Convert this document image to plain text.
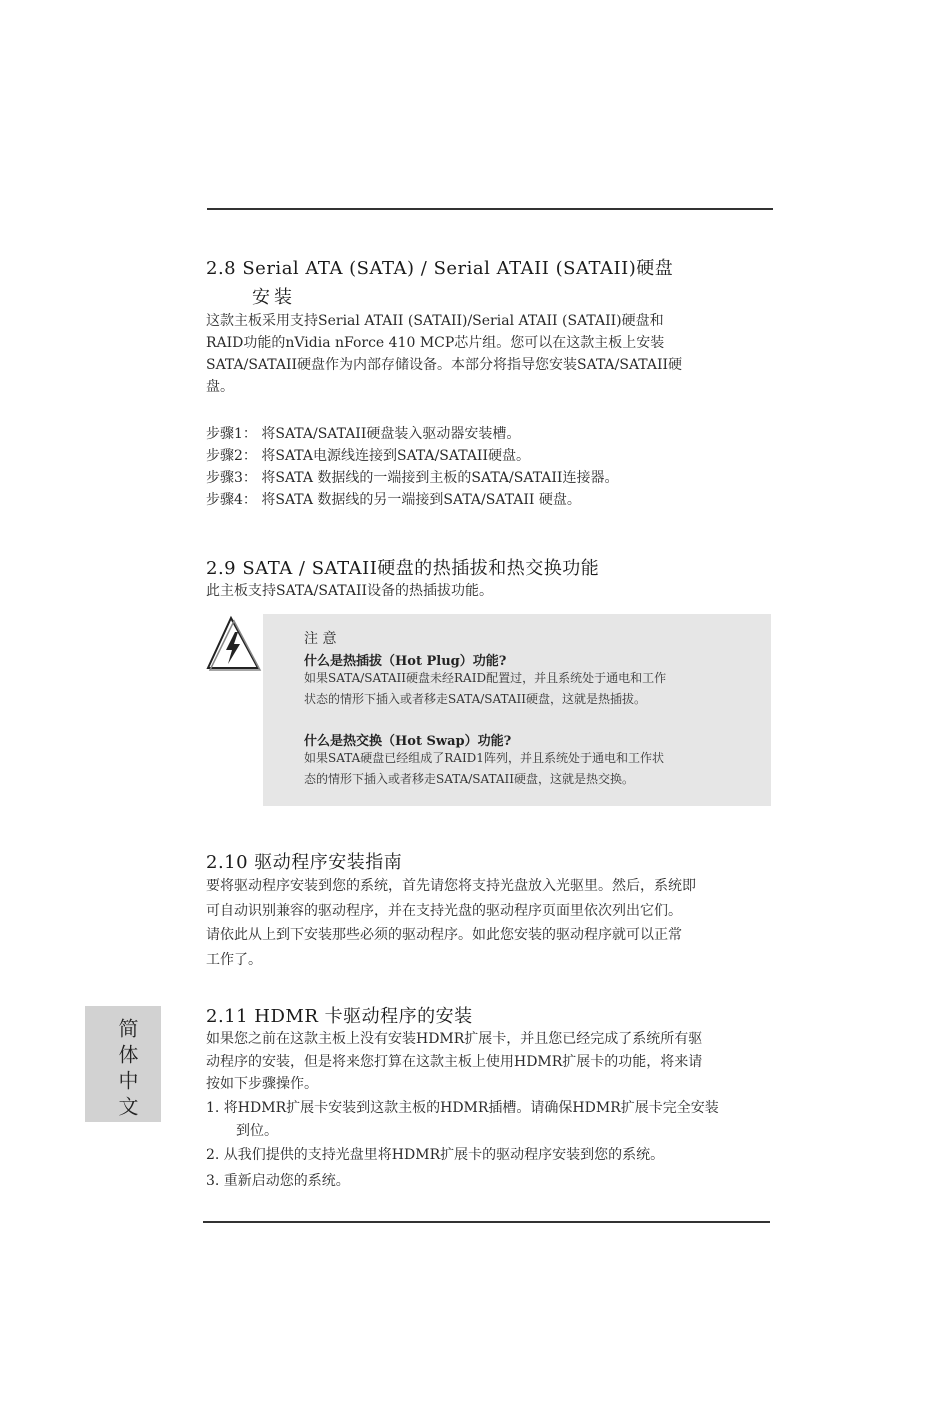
2.8 Serial ATA (SATA) / Serial ATAII (SATAII)硬盘
安装
这款主板采用支持Serial ATAII (SATAII)/Serial ATAII (SATAII)硬盘和
RAID功能的nVidia nForce 410 MCP芯片组。您可以在这款主板上安装
SATA/SATAII硬盘作为内部存储设备。本部分将指导您安装SATA/SATAII硬
盘。
步骤1： 将SATA/SATAII硬盘装入驱动器安装槽。
步骤2： 将SATA电源线连接到SATA/SATAII硬盘。
步骤3： 将SATA 数据线的一端接到主板的SATA/SATAII连接器。
步骤4： 将SATA 数据线的另一端接到SATA/SATAII 硬盘。
2.9 SATA / SATAII硬盘的热插拔和热交换功能
此主板支持SATA/SATAII设备的热插拔功能。
注 意
什么是热插拔（Hot Plug）功能?
如果SATA/SATAII硬盘未经RAID配置过，并且系统处于通电和工作
状态的情形下插入或者移走SATA/SATAII硬盘，这就是热插拔。
什么是热交换（Hot Swap）功能?
如果SATA硬盘已经组成了RAID1阵列，并且系统处于通电和工作状
态的情形下插入或者移走SATA/SATAII硬盘，这就是热交换。
2.10 驱动程序安装指南
要将驱动程序安装到您的系统，首先请您将支持光盘放入光驱里。然后，系统即
可自动识别兼容的驱动程序，并在支持光盘的驱动程序页面里依次列出它们。
请依此从上到下安装那些必须的驱动程序。如此您安装的驱动程序就可以正常
工作了。
2.11 HDMR 卡驱动程序的安装
如果您之前在这款主板上没有安装HDMR扩展卡，并且您已经完成了系统所有驱
动程序的安装，但是将来您打算在这款主板上使用HDMR扩展卡的功能，将来请
按如下步骤操作。
1. 将HDMR扩展卡安装到这款主板的HDMR插槽。请确保HDMR扩展卡完全安装
到位。
2. 从我们提供的支持光盘里将HDMR扩展卡的驱动程序安装到您的系统。
3. 重新启动您的系统。
简体中文
